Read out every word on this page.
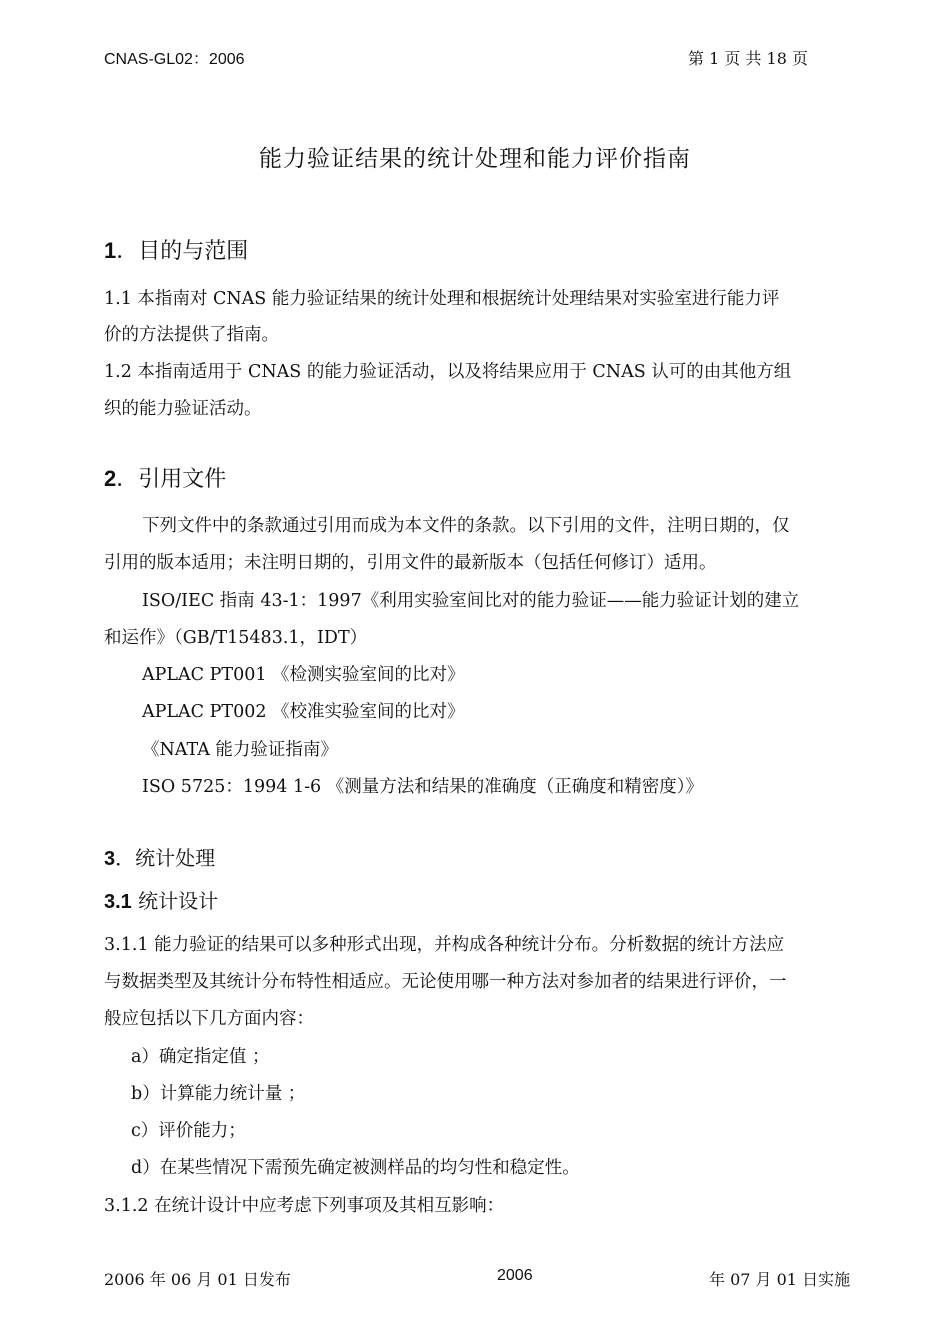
CNAS-GL02：2006	第 1 页 共 18 页
能力验证结果的统计处理和能力评价指南
1．目的与范围
1.1 本指南对 CNAS 能力验证结果的统计处理和根据统计处理结果对实验室进行能力评
价的方法提供了指南。
1.2 本指南适用于 CNAS 的能力验证活动，以及将结果应用于 CNAS 认可的由其他方组
织的能力验证活动。
2．引用文件
下列文件中的条款通过引用而成为本文件的条款。以下引用的文件，注明日期的，仅
引用的版本适用；未注明日期的，引用文件的最新版本（包括任何修订）适用。
ISO/IEC 指南 43-1：1997《利用实验室间比对的能力验证——能力验证计划的建立
和运作》（GB/T15483.1，IDT）
APLAC PT001 《检测实验室间的比对》
APLAC PT002 《校准实验室间的比对》
《NATA 能力验证指南》
ISO 5725：1994 1-6 《测量方法和结果的准确度（正确度和精密度）》
3．统计处理
3.1 统计设计
3.1.1 能力验证的结果可以多种形式出现，并构成各种统计分布。分析数据的统计方法应
与数据类型及其统计分布特性相适应。无论使用哪一种方法对参加者的结果进行评价，一
般应包括以下几方面内容：
a）确定指定值 ；
b）计算能力统计量 ；
c）评价能力；
d）在某些情况下需预先确定被测样品的均匀性和稳定性。
3.1.2 在统计设计中应考虑下列事项及其相互影响：
2006 年 06 月 01 日发布	2006	年 07 月 01 日实施
